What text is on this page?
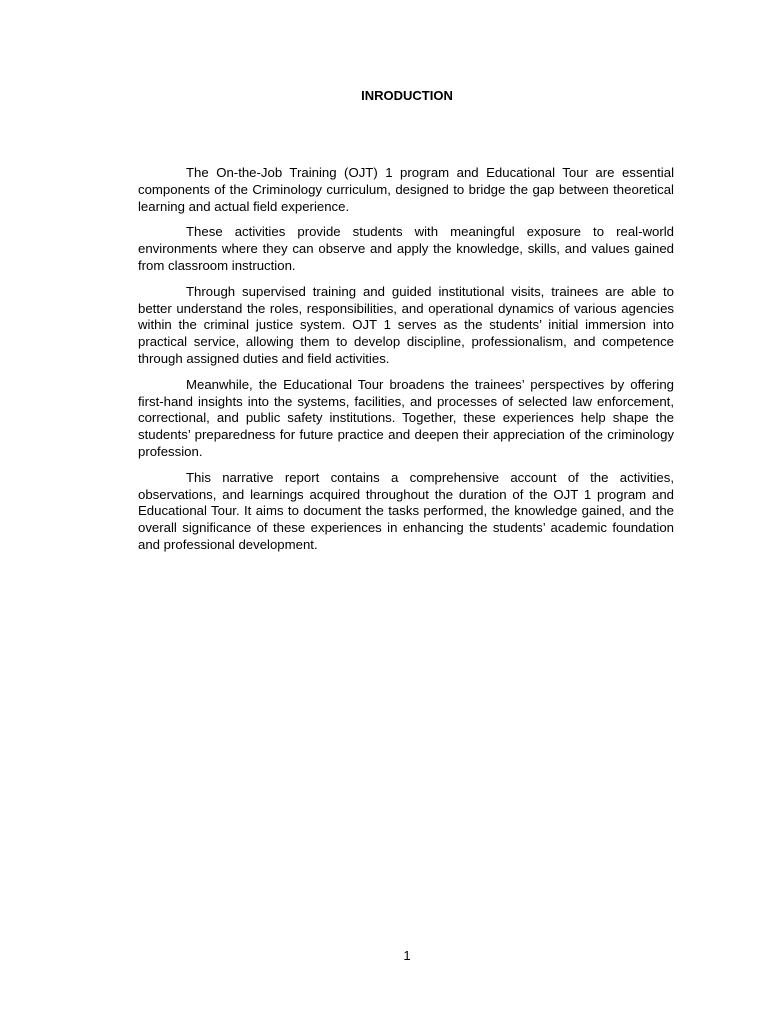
INRODUCTION

The On-the-Job Training (OJT) 1 program and Educational Tour are essential components of the Criminology curriculum, designed to bridge the gap between theoretical learning and actual field experience.

These activities provide students with meaningful exposure to real-world environments where they can observe and apply the knowledge, skills, and values gained from classroom instruction.

Through supervised training and guided institutional visits, trainees are able to better understand the roles, responsibilities, and operational dynamics of various agencies within the criminal justice system. OJT 1 serves as the students’ initial immersion into practical service, allowing them to develop discipline, professionalism, and competence through assigned duties and field activities.

Meanwhile, the Educational Tour broadens the trainees’ perspectives by offering first-hand insights into the systems, facilities, and processes of selected law enforcement, correctional, and public safety institutions. Together, these experiences help shape the students’ preparedness for future practice and deepen their appreciation of the criminology profession.

This narrative report contains a comprehensive account of the activities, observations, and learnings acquired throughout the duration of the OJT 1 program and Educational Tour. It aims to document the tasks performed, the knowledge gained, and the overall significance of these experiences in enhancing the students’ academic foundation and professional development.

1
